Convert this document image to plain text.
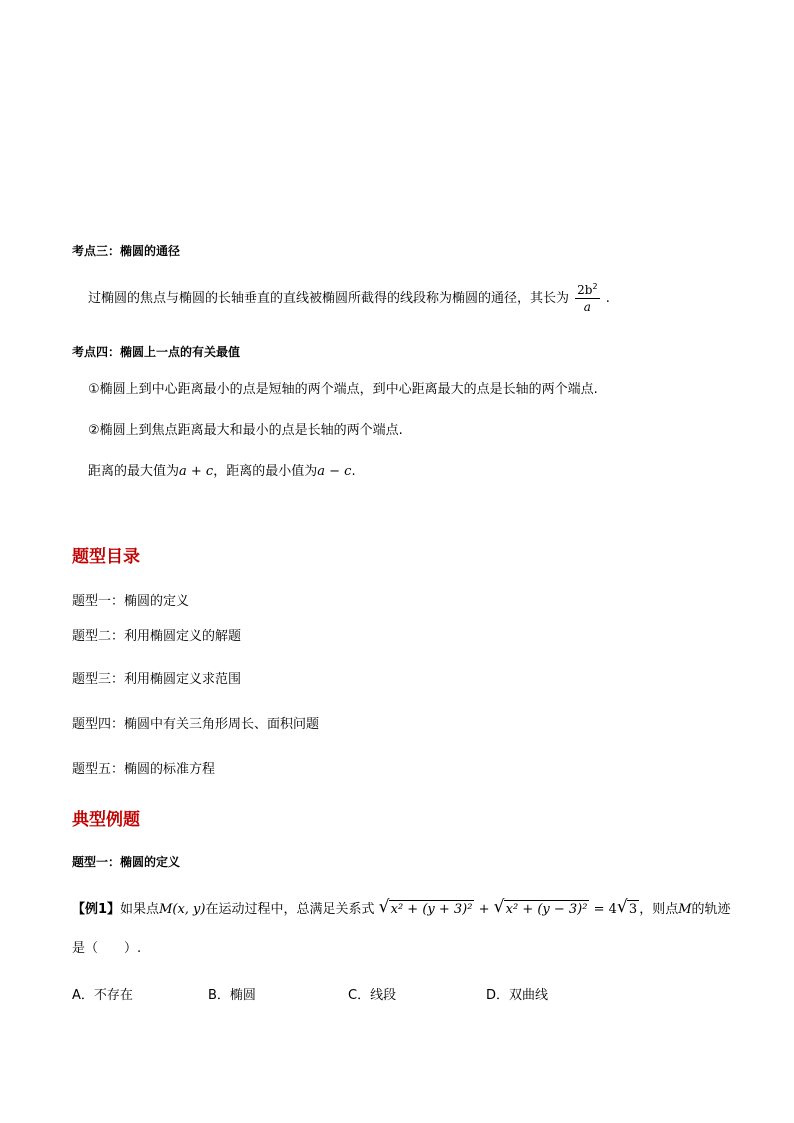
考点三：椭圆的通径
过椭圆的焦点与椭圆的长轴垂直的直线被椭圆所截得的线段称为椭圆的通径，其长为 $\frac{2b^2}{a}$ .
考点四：椭圆上一点的有关最值
①椭圆上到中心距离最小的点是短轴的两个端点，到中心距离最大的点是长轴的两个端点.
②椭圆上到焦点距离最大和最小的点是长轴的两个端点.
距离的最大值为a + c，距离的最小值为a − c.
题型目录
题型一：椭圆的定义
题型二：利用椭圆定义的解题
题型三：利用椭圆定义求范围
题型四：椭圆中有关三角形周长、面积问题
题型五：椭圆的标准方程
典型例题
题型一：椭圆的定义
【例1】如果点M(x, y)在运动过程中，总满足关系式 √ x² + (y + 3)² + √ x² + (y − 3)² = 4 √ 3 ，则点M的轨迹
是（　　）.
A．不存在	B．椭圆	C．线段	D．双曲线
